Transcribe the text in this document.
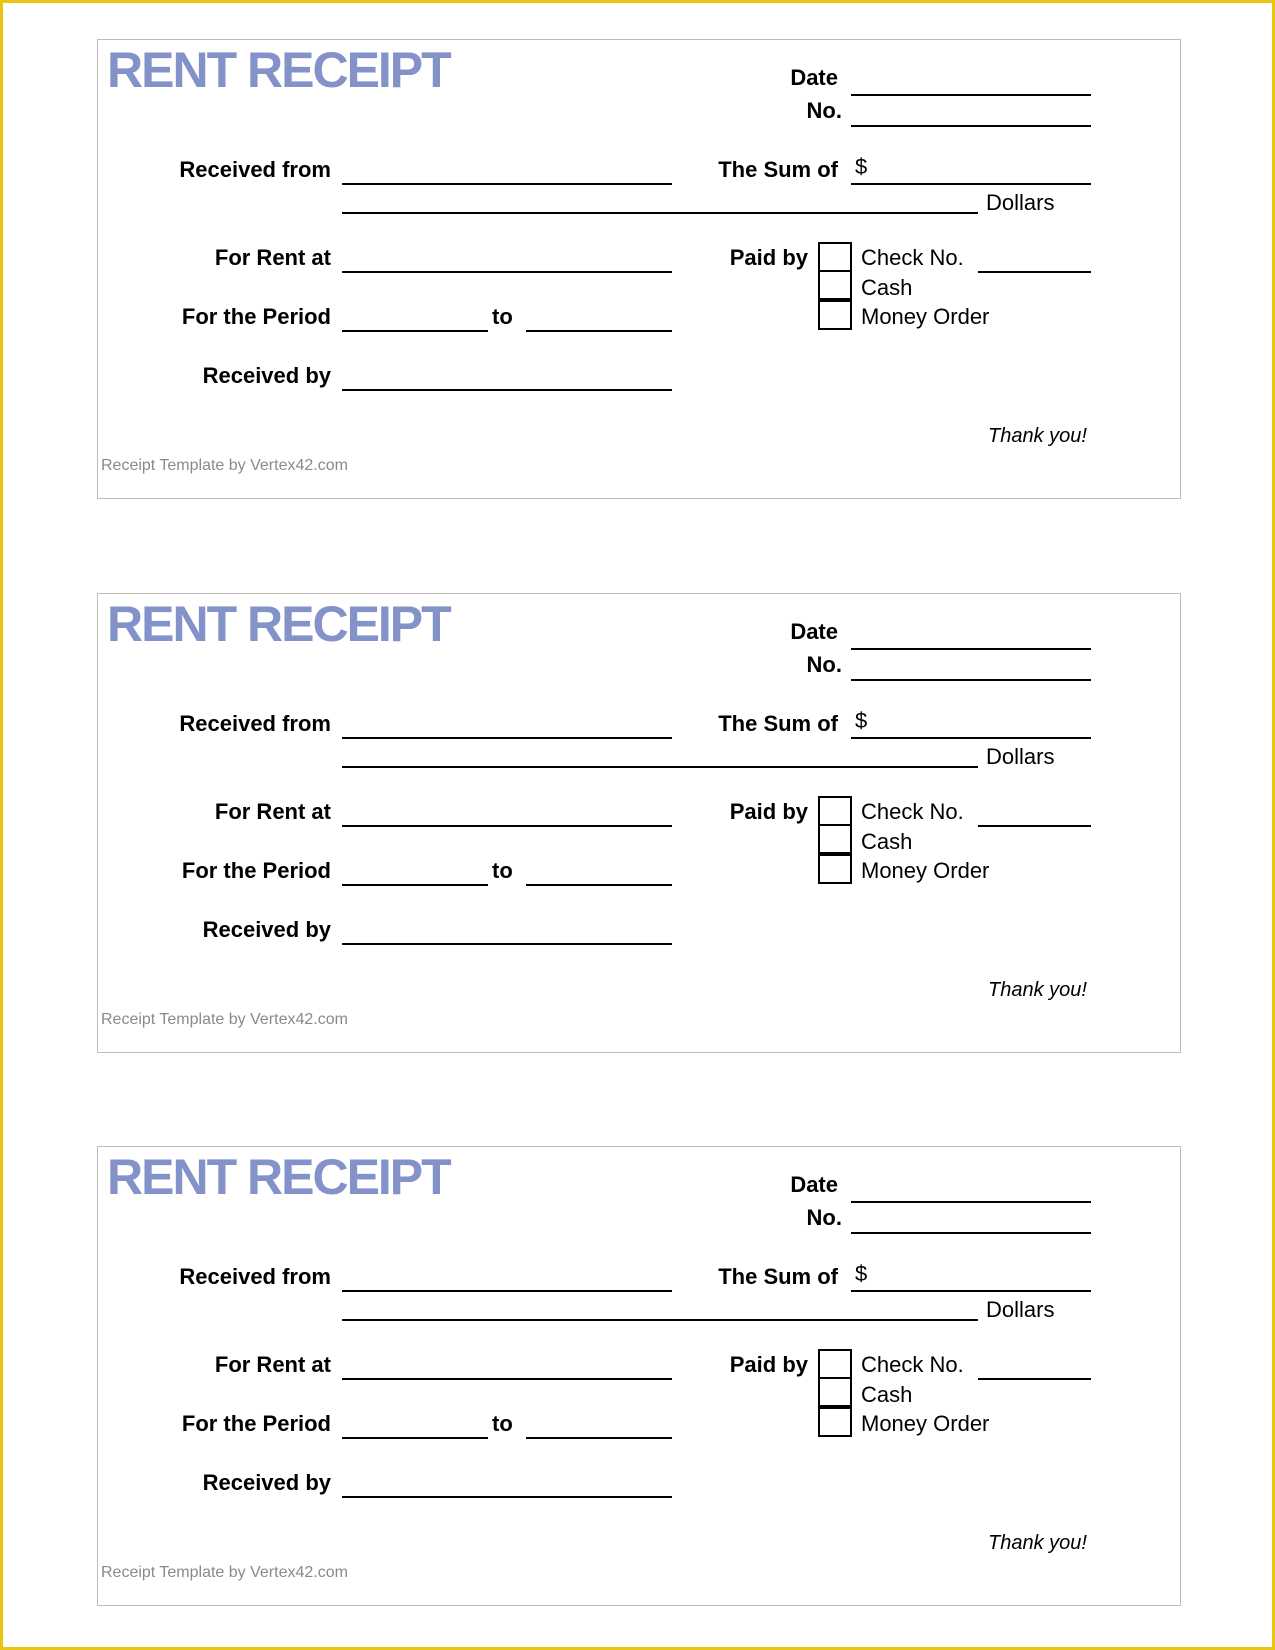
RENT RECEIPT	Date
No.
Received from	The Sum of $
Dollars
For Rent at	Paid by Check No.
Cash
Money Order
For the Period	to
Received by
Thank you!
Receipt Template by Vertex42.com
RENT RECEIPT	Date
No.
Received from	The Sum of $
Dollars
For Rent at	Paid by Check No.
Cash
Money Order
For the Period	to
Received by
Thank you!
Receipt Template by Vertex42.com
RENT RECEIPT	Date
No.
Received from	The Sum of $
Dollars
For Rent at	Paid by Check No.
Cash
Money Order
For the Period	to
Received by
Thank you!
Receipt Template by Vertex42.com
